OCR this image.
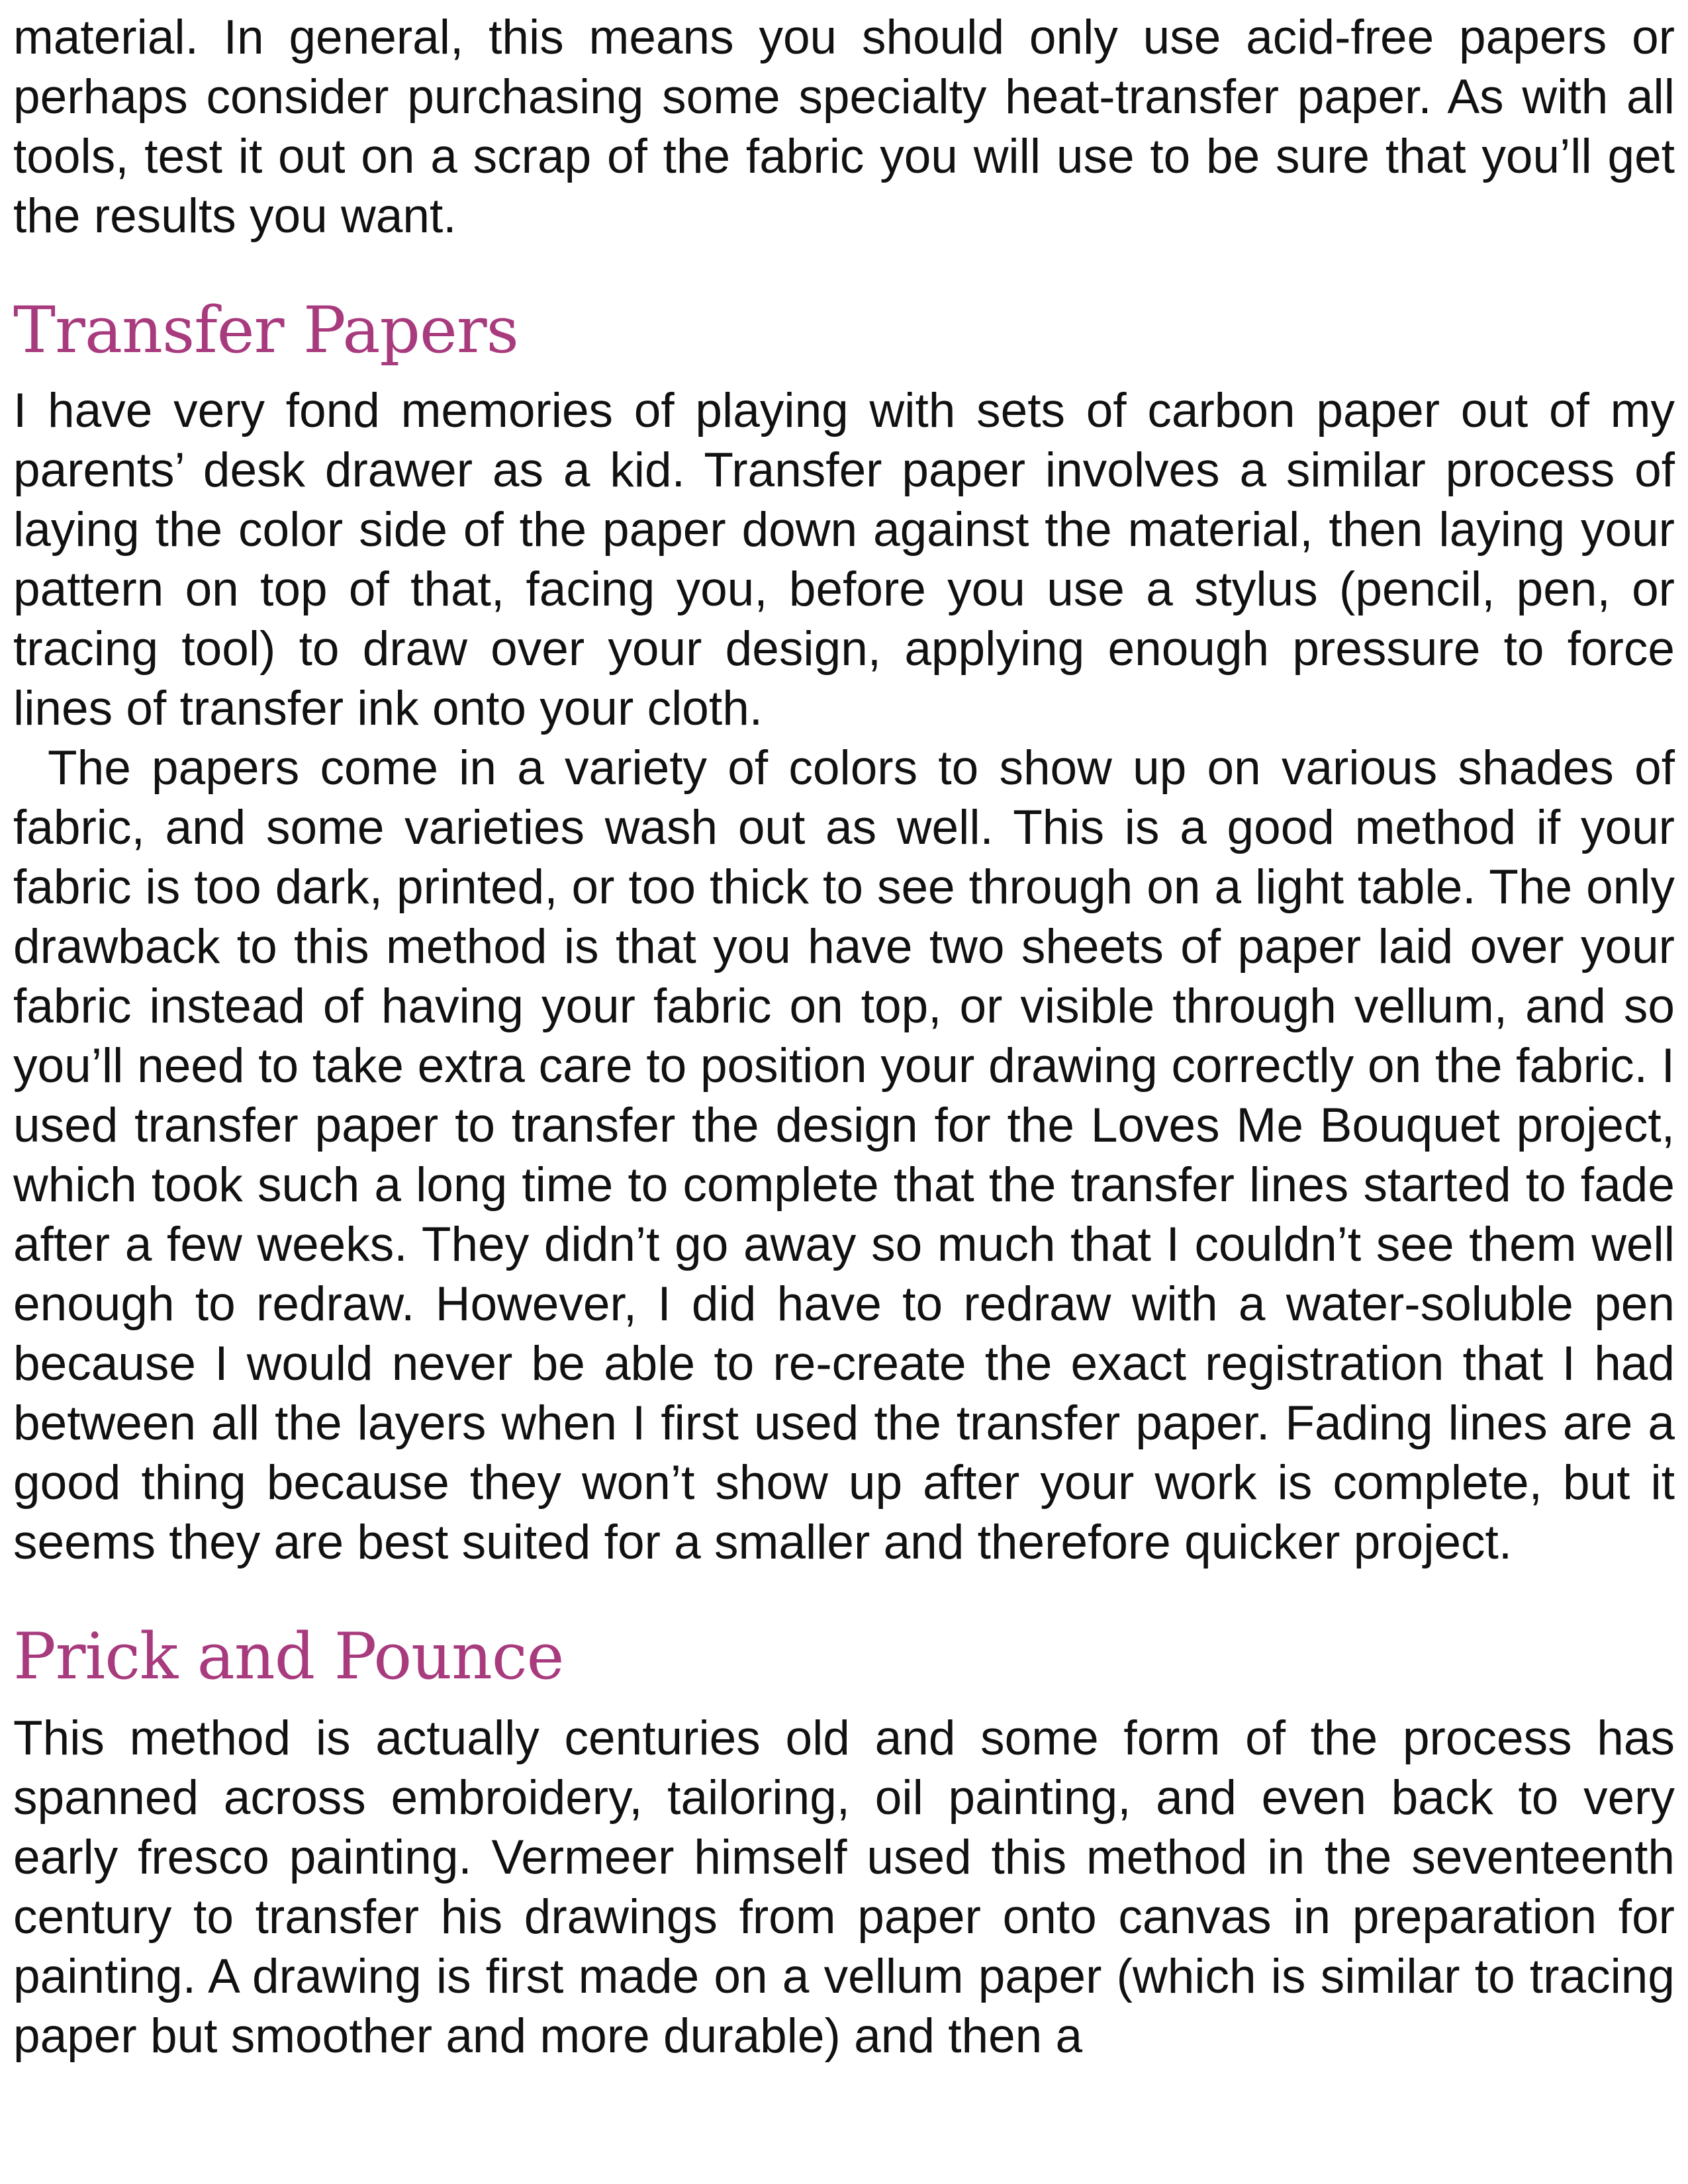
material. In general, this means you should only use acid-free papers or perhaps consider purchasing some specialty heat-transfer paper. As with all tools, test it out on a scrap of the fabric you will use to be sure that you’ll get the results you want.

Transfer Papers

I have very fond memories of playing with sets of carbon paper out of my parents’ desk drawer as a kid. Transfer paper involves a similar process of laying the color side of the paper down against the material, then laying your pattern on top of that, facing you, before you use a stylus (pencil, pen, or tracing tool) to draw over your design, applying enough pressure to force lines of transfer ink onto your cloth.

The papers come in a variety of colors to show up on various shades of fabric, and some varieties wash out as well. This is a good method if your fabric is too dark, printed, or too thick to see through on a light table. The only drawback to this method is that you have two sheets of paper laid over your fabric instead of having your fabric on top, or visible through vellum, and so you’ll need to take extra care to position your drawing correctly on the fabric. I used transfer paper to transfer the design for the Loves Me Bouquet project, which took such a long time to complete that the transfer lines started to fade after a few weeks. They didn’t go away so much that I couldn’t see them well enough to redraw. However, I did have to redraw with a water-soluble pen because I would never be able to re-create the exact registration that I had between all the layers when I first used the transfer paper. Fading lines are a good thing because they won’t show up after your work is complete, but it seems they are best suited for a smaller and therefore quicker project.

Prick and Pounce

This method is actually centuries old and some form of the process has spanned across embroidery, tailoring, oil painting, and even back to very early fresco painting. Vermeer himself used this method in the seventeenth century to transfer his drawings from paper onto canvas in preparation for painting. A drawing is first made on a vellum paper (which is similar to tracing paper but smoother and more durable) and then a
